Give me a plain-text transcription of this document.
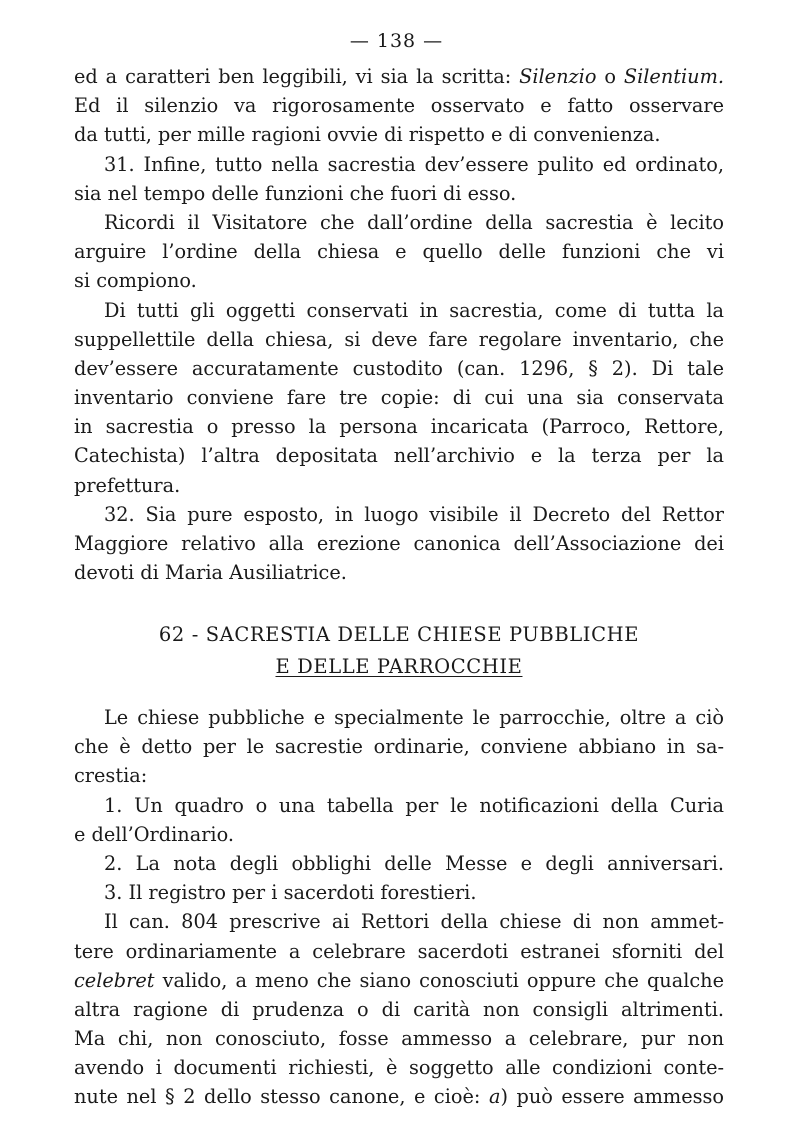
— 138 —
ed a caratteri ben leggibili, vi sia la scritta: Silenzio o Silentium.
Ed il silenzio va rigorosamente osservato e fatto osservare
da tutti, per mille ragioni ovvie di rispetto e di convenienza.
31. Infine, tutto nella sacrestia dev’essere pulito ed ordinato,
sia nel tempo delle funzioni che fuori di esso.
Ricordi il Visitatore che dall’ordine della sacrestia è lecito
arguire l’ordine della chiesa e quello delle funzioni che vi
si compiono.
Di tutti gli oggetti conservati in sacrestia, come di tutta la
suppellettile della chiesa, si deve fare regolare inventario, che
dev’essere accuratamente custodito (can. 1296, § 2). Di tale
inventario conviene fare tre copie: di cui una sia conservata
in sacrestia o presso la persona incaricata (Parroco, Rettore,
Catechista) l’altra depositata nell’archivio e la terza per la
prefettura.
32. Sia pure esposto, in luogo visibile il Decreto del Rettor
Maggiore relativo alla erezione canonica dell’Associazione dei
devoti di Maria Ausiliatrice.
62 - SACRESTIA DELLE CHIESE PUBBLICHE
E DELLE PARROCCHIE
Le chiese pubbliche e specialmente le parrocchie, oltre a ciò
che è detto per le sacrestie ordinarie, conviene abbiano in sa-
crestia:
1. Un quadro o una tabella per le notificazioni della Curia
e dell’Ordinario.
2. La nota degli obblighi delle Messe e degli anniversari.
3. Il registro per i sacerdoti forestieri.
Il can. 804 prescrive ai Rettori della chiese di non ammet-
tere ordinariamente a celebrare sacerdoti estranei sforniti del
celebret valido, a meno che siano conosciuti oppure che qualche
altra ragione di prudenza o di carità non consigli altrimenti.
Ma chi, non conosciuto, fosse ammesso a celebrare, pur non
avendo i documenti richiesti, è soggetto alle condizioni conte-
nute nel § 2 dello stesso canone, e cioè: a) può essere ammesso
